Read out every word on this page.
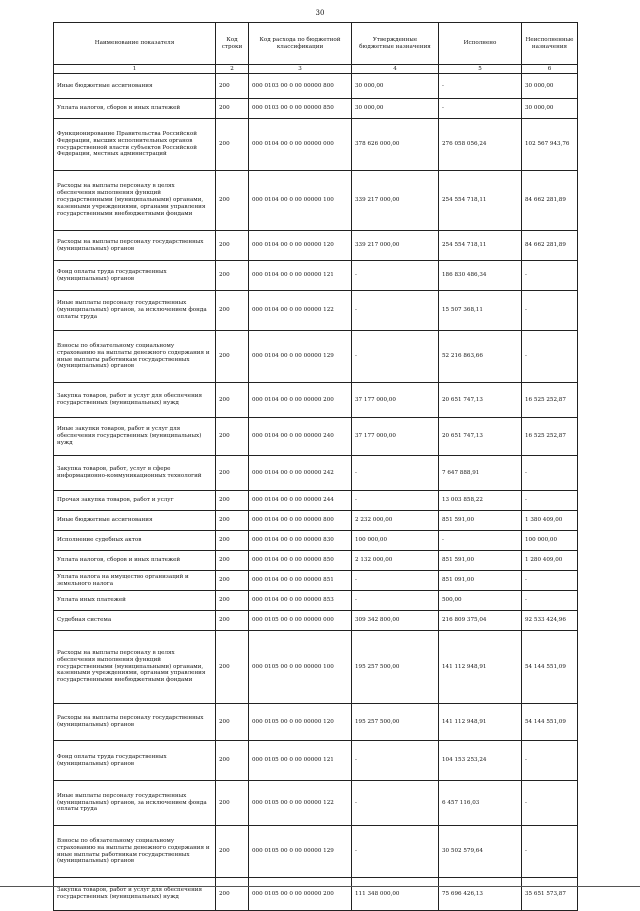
30
Наименование показателя	Код строки	Код расхода по бюджетной классификации	Утвержденные бюджетные назначения	Исполнено	Неисполненные назначения
1	2	3	4	5	6
Иные бюджетные ассигнования	200	000 0103 00 0 00 00000 800	30 000,00	-	30 000,00
Уплата налогов, сборов и иных платежей	200	000 0103 00 0 00 00000 850	30 000,00	-	30 000,00
Функционирование Правительства Российской Федерации, высших исполнительных органов государственной власти субъектов Российской Федерации, местных администраций	200	000 0104 00 0 00 00000 000	378 626 000,00	276 058 056,24	102 567 943,76
Расходы на выплаты персоналу в целях обеспечения выполнения функций государственными (муниципальными) органами, казенными учреждениями, органами управления государственными внебюджетными фондами	200	000 0104 00 0 00 00000 100	339 217 000,00	254 554 718,11	84 662 281,89
Расходы на выплаты персоналу государственных (муниципальных) органов	200	000 0104 00 0 00 00000 120	339 217 000,00	254 554 718,11	84 662 281,89
Фонд оплаты труда государственных (муниципальных) органов	200	000 0104 00 0 00 00000 121	-	186 830 486,34	-
Иные выплаты персоналу государственных (муниципальных) органов, за исключением фонда оплаты труда	200	000 0104 00 0 00 00000 122	-	15 507 368,11	-
Взносы по обязательному социальному страхованию на выплаты денежного содержания и иные выплаты работникам государственных (муниципальных) органов	200	000 0104 00 0 00 00000 129	-	52 216 863,66	-
Закупка товаров, работ и услуг для обеспечения государственных (муниципальных) нужд	200	000 0104 00 0 00 00000 200	37 177 000,00	20 651 747,13	16 525 252,87
Иные закупки товаров, работ и услуг для обеспечения государственных (муниципальных) нужд	200	000 0104 00 0 00 00000 240	37 177 000,00	20 651 747,13	16 525 252,87
Закупка товаров, работ, услуг в сфере информационно-коммуникационных технологий	200	000 0104 00 0 00 00000 242	-	7 647 888,91	-
Прочая закупка товаров, работ и услуг	200	000 0104 00 0 00 00000 244	-	13 003 858,22	-
Иные бюджетные ассигнования	200	000 0104 00 0 00 00000 800	2 232 000,00	851 591,00	1 380 409,00
Исполнение судебных актов	200	000 0104 00 0 00 00000 830	100 000,00	-	100 000,00
Уплата налогов, сборов и иных платежей	200	000 0104 00 0 00 00000 850	2 132 000,00	851 591,00	1 280 409,00
Уплата налога на имущество организаций и земельного налога	200	000 0104 00 0 00 00000 851	-	851 091,00	-
Уплата иных платежей	200	000 0104 00 0 00 00000 853	-	500,00	-
Судебная система	200	000 0105 00 0 00 00000 000	309 342 800,00	216 809 375,04	92 533 424,96
Расходы на выплаты персоналу в целях обеспечения выполнения функций государственными (муниципальными) органами, казенными учреждениями, органами управления государственными внебюджетными фондами	200	000 0105 00 0 00 00000 100	195 257 500,00	141 112 948,91	54 144 551,09
Расходы на выплаты персоналу государственных (муниципальных) органов	200	000 0105 00 0 00 00000 120	195 257 500,00	141 112 948,91	54 144 551,09
Фонд оплаты труда государственных (муниципальных) органов	200	000 0105 00 0 00 00000 121	-	104 153 253,24	-
Иные выплаты персоналу государственных (муниципальных) органов, за исключением фонда оплаты труда	200	000 0105 00 0 00 00000 122	-	6 457 116,03	-
Взносы по обязательному социальному страхованию на выплаты денежного содержания и иные выплаты работникам государственных (муниципальных) органов	200	000 0105 00 0 00 00000 129	-	30 502 579,64	-
Закупка товаров, работ и услуг для обеспечения государственных (муниципальных) нужд	200	000 0105 00 0 00 00000 200	111 348 000,00	75 696 426,13	35 651 573,87
